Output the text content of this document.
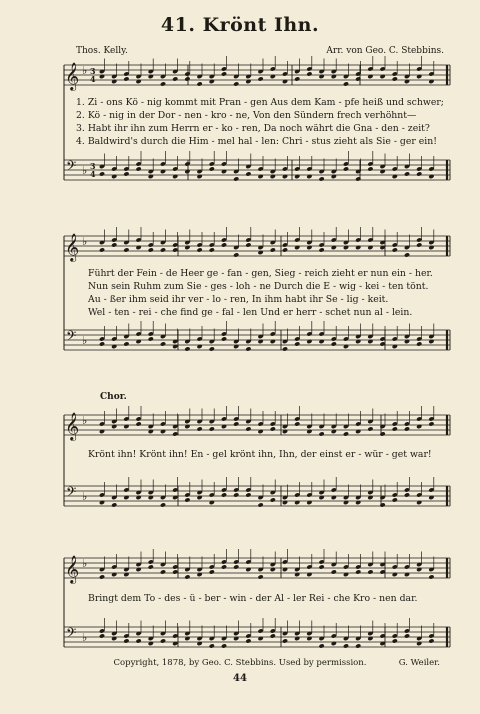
41. Krönt Ihn.
Thos. Kelly.	Arr. von Geo. C. Stebbins.
𝄞
𝄢
♭
♭
3
4
3
4
𝄞
𝄢
♭
♭
𝄞
𝄢
♭
♭
𝄞
𝄢
♭
♭
1. Zi - ons Kö - nig kommt mit Pran - gen Aus dem Kam - pfe heiß und schwer;
2. Kö - nig in der Dor - nen - kro - ne, Von den Sündern frech verhöhnt—
3. Habt ihr ihn zum Herrn er - ko - ren, Da noch währt die Gna - den - zeit?
4. Baldwird's durch die Him - mel hal - len: Chri - stus zieht als Sie - ger ein!
Führt der Fein - de Heer ge - fan - gen, Sieg - reich zieht er nun ein - her.
Nun sein Ruhm zum Sie - ges - loh - ne Durch die E - wig - kei - ten tönt.
Au - ßer ihm seid ihr ver - lo - ren, In ihm habt ihr Se - lig - keit.
Wel - ten - rei - che find ge - fal - len Und er herr - schet nun al - lein.
Chor.
Krönt ihn! Krönt ihn! En - gel krönt ihn, Ihn, der einst er - wür - get war!
Bringt dem To - des - ü - ber - win - der Al - ler Rei - che Kro - nen dar.
Copyright, 1878, by Geo. C. Stebbins. Used by permission.	G. Weiler.
44
